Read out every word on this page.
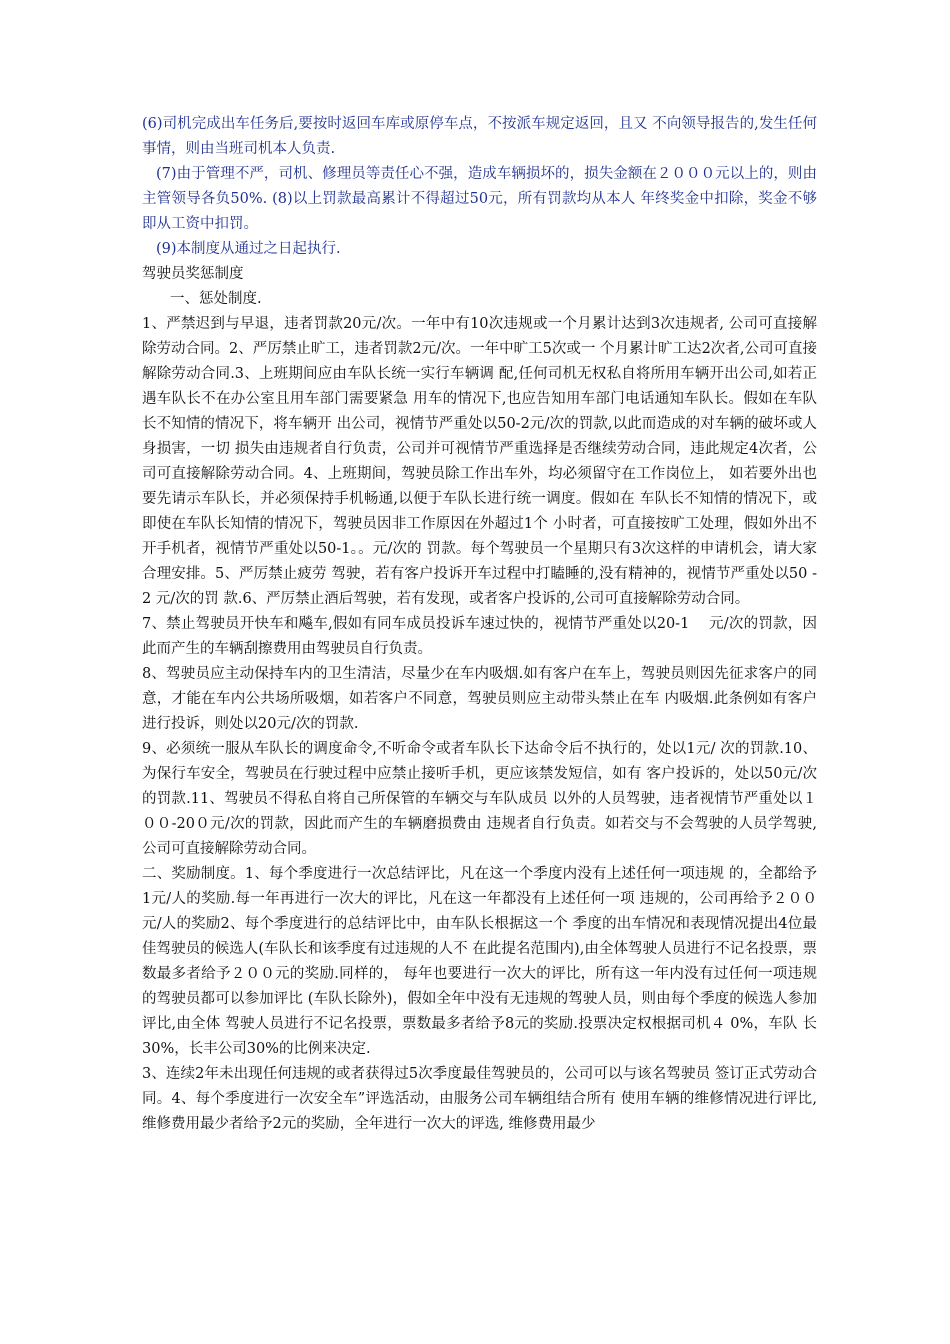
(6)司机完成出车任务后,要按时返回车库或原停车点，不按派车规定返回，且又 不向领导报告的,发生任何事情，则由当班司机本人负责.

(7)由于管理不严，司机、修理员等责任心不强，造成车辆损坏的，损失金额在２０００元以上的，则由主管领导各负50%. (8)以上罚款最高累计不得超过50元，所有罚款均从本人 年终奖金中扣除，奖金不够即从工资中扣罚。

(9)本制度从通过之日起执行.

驾驶员奖惩制度

一、惩处制度.

1、严禁迟到与早退，违者罚款20元/次。一年中有10次违规或一个月累计达到3次违规者, 公司可直接解除劳动合同。2、严厉禁止旷工，违者罚款2元/次。一年中旷工5次或一 个月累计旷工达2次者,公司可直接解除劳动合同.3、上班期间应由车队长统一实行车辆调 配,任何司机无权私自将所用车辆开出公司,如若正遇车队长不在办公室且用车部门需要紧急 用车的情况下,也应告知用车部门电话通知车队长。假如在车队长不知情的情况下，将车辆开 出公司，视情节严重处以50-2元/次的罚款,以此而造成的对车辆的破坏或人身损害，一切 损失由违规者自行负责，公司并可视情节严重选择是否继续劳动合同，违此规定4次者，公 司可直接解除劳动合同。4、上班期间，驾驶员除工作出车外，均必须留守在工作岗位上， 如若要外出也要先请示车队长，并必须保持手机畅通,以便于车队长进行统一调度。假如在 车队长不知情的情况下，或即使在车队长知情的情况下，驾驶员因非工作原因在外超过1个 小时者，可直接按旷工处理，假如外出不开手机者，视情节严重处以50-1。。元/次的 罚款。每个驾驶员一个星期只有3次这样的申请机会，请大家合理安排。5、严厉禁止疲劳 驾驶，若有客户投诉开车过程中打瞌睡的,没有精神的，视情节严重处以50 - 2 元/次的罚 款.6、严厉禁止酒后驾驶，若有发现，或者客户投诉的,公司可直接解除劳动合同。

7、禁止驾驶员开快车和飚车,假如有同车成员投诉车速过快的，视情节严重处以20-1　 元/次的罚款，因此而产生的车辆刮擦费用由驾驶员自行负责。

8、驾驶员应主动保持车内的卫生清洁，尽量少在车内吸烟.如有客户在车上，驾驶员则因先征求客户的同意，才能在车内公共场所吸烟，如若客户不同意，驾驶员则应主动带头禁止在车 内吸烟.此条例如有客户进行投诉，则处以20元/次的罚款.

9、必须统一服从车队长的调度命令,不听命令或者车队长下达命令后不执行的，处以1元/ 次的罚款.10、为保行车安全，驾驶员在行驶过程中应禁止接听手机，更应该禁发短信，如有 客户投诉的，处以50元/次的罚款.11、驾驶员不得私自将自己所保管的车辆交与车队成员 以外的人员驾驶，违者视情节严重处以１００-20０元/次的罚款，因此而产生的车辆磨损费由 违规者自行负责。如若交与不会驾驶的人员学驾驶,公司可直接解除劳动合同。

二、奖励制度。1、每个季度进行一次总结评比，凡在这一个季度内没有上述任何一项违规 的，全都给予1元/人的奖励.每一年再进行一次大的评比，凡在这一年都没有上述任何一项 违规的，公司再给予２００元/人的奖励2、每个季度进行的总结评比中，由车队长根据这一个 季度的出车情况和表现情况提出4位最佳驾驶员的候选人(车队长和该季度有过违规的人不 在此提名范围内),由全体驾驶人员进行不记名投票，票数最多者给予２００元的奖励.同样的， 每年也要进行一次大的评比，所有这一年内没有过任何一项违规的驾驶员都可以参加评比 (车队长除外)，假如全年中没有无违规的驾驶人员，则由每个季度的候选人参加评比,由全体 驾驶人员进行不记名投票，票数最多者给予8元的奖励.投票决定权根据司机４ 0%，车队 长 30%，长丰公司30%的比例来决定.

3、连续2年未出现任何违规的或者获得过5次季度最佳驾驶员的，公司可以与该名驾驶员 签订正式劳动合同。4、每个季度进行一次安全车”评选活动，由服务公司车辆组结合所有 使用车辆的维修情况进行评比,维修费用最少者给予2元的奖励，全年进行一次大的评选, 维修费用最少
